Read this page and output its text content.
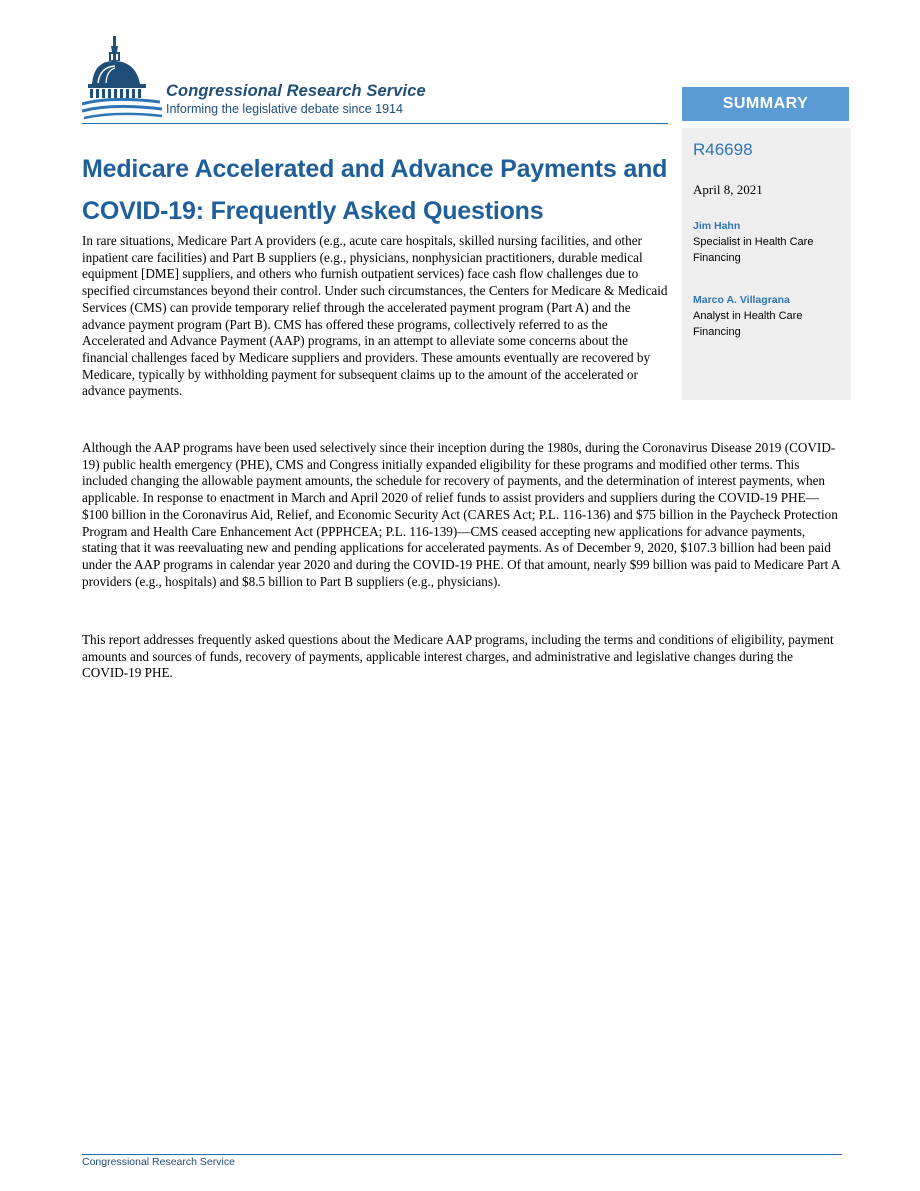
Congressional Research Service
Informing the legislative debate since 1914	SUMMARY
R46698
April 8, 2021
Jim Hahn
Specialist in Health Care Financing
Marco A. Villagrana
Analyst in Health Care Financing
Medicare Accelerated and Advance Payments and COVID-19: Frequently Asked Questions

In rare situations, Medicare Part A providers (e.g., acute care hospitals, skilled nursing facilities, and other inpatient care facilities) and Part B suppliers (e.g., physicians, nonphysician practitioners, durable medical equipment [DME] suppliers, and others who furnish outpatient services) face cash flow challenges due to specified circumstances beyond their control. Under such circumstances, the Centers for Medicare & Medicaid Services (CMS) can provide temporary relief through the accelerated payment program (Part A) and the advance payment program (Part B). CMS has offered these programs, collectively referred to as the Accelerated and Advance Payment (AAP) programs, in an attempt to alleviate some concerns about the financial challenges faced by Medicare suppliers and providers. These amounts eventually are recovered by Medicare, typically by withholding payment for subsequent claims up to the amount of the accelerated or advance payments.

Although the AAP programs have been used selectively since their inception during the 1980s, during the Coronavirus Disease 2019 (COVID-19) public health emergency (PHE), CMS and Congress initially expanded eligibility for these programs and modified other terms. This included changing the allowable payment amounts, the schedule for recovery of payments, and the determination of interest payments, when applicable. In response to enactment in March and April 2020 of relief funds to assist providers and suppliers during the COVID-19 PHE—$100 billion in the Coronavirus Aid, Relief, and Economic Security Act (CARES Act; P.L. 116-136) and $75 billion in the Paycheck Protection Program and Health Care Enhancement Act (PPPHCEA; P.L. 116-139)—CMS ceased accepting new applications for advance payments, stating that it was reevaluating new and pending applications for accelerated payments. As of December 9, 2020, $107.3 billion had been paid under the AAP programs in calendar year 2020 and during the COVID-19 PHE. Of that amount, nearly $99 billion was paid to Medicare Part A providers (e.g., hospitals) and $8.5 billion to Part B suppliers (e.g., physicians).

This report addresses frequently asked questions about the Medicare AAP programs, including the terms and conditions of eligibility, payment amounts and sources of funds, recovery of payments, applicable interest charges, and administrative and legislative changes during the COVID-19 PHE.

Congressional Research Service
